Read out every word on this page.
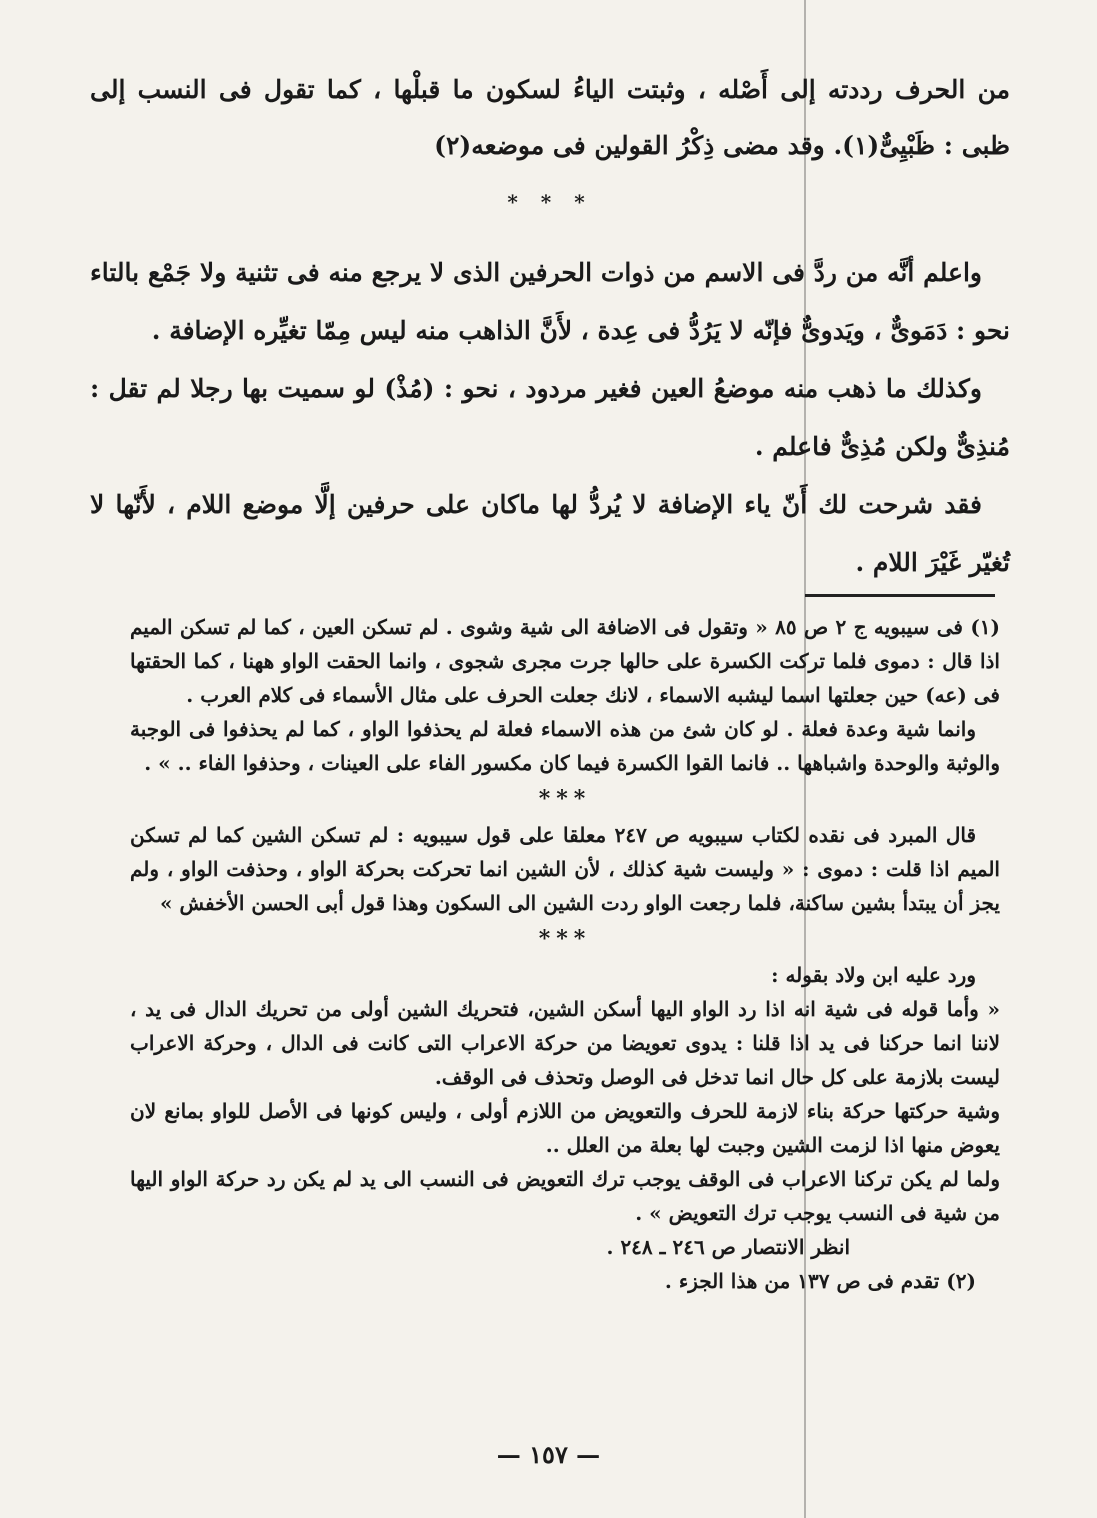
من الحرف رددته إلى أَصْله ، وثبتت الياءُ لسكون ما قبلْها ، كما تقول فى النسب إلى ظبى : ظَبْيِىٌّ(١). وقد مضى ذِكْرُ القولين فى موضعه(٢)

* * *

واعلم أنَّه من ردَّ فى الاسم من ذوات الحرفين الذى لا يرجع منه فى تثنية ولا جَمْع بالتاء نحو : دَمَوىٌّ ، ويَدوىٌّ فإنّه لا يَرُدُّ فى عِدة ، لأَنَّ الذاهب منه ليس مِمّا تغيِّره الإضافة .

وكذلك ما ذهب منه موضعُ العين فغير مردود ، نحو : (مُذْ) لو سميت بها رجلا لم تقل : مُنذِىٌّ ولكن مُذِىٌّ فاعلم .

فقد شرحت لك أَنّ ياء الإضافة لا يُردُّ لها ماكان على حرفين إلَّا موضع اللام ، لأَنّها لا تُغيّر غَيْرَ اللام .

(١) فى سيبويه ج ٢ ص ٨٥ « وتقول فى الاضافة الى شية وشوى . لم تسكن العين ، كما لم تسكن الميم اذا قال : دموى فلما تركت الكسرة على حالها جرت مجرى شجوى ، وانما الحقت الواو ههنا ، كما الحقتها فى (عه) حين جعلتها اسما ليشبه الاسماء ، لانك جعلت الحرف على مثال الأسماء فى كلام العرب .

وانما شية وعدة فعلة . لو كان شئ من هذه الاسماء فعلة لم يحذفوا الواو ، كما لم يحذفوا فى الوجبة والوثبة والوحدة واشباهها .. فانما القوا الكسرة فيما كان مكسور الفاء على العينات ، وحذفوا الفاء .. » .

***

قال المبرد فى نقده لكتاب سيبويه ص ٢٤٧ معلقا على قول سيبويه : لم تسكن الشين كما لم تسكن الميم اذا قلت : دموى : « وليست شية كذلك ، لأن الشين انما تحركت بحركة الواو ، وحذفت الواو ، ولم يجز أن يبتدأ بشين ساكنة، فلما رجعت الواو ردت الشين الى السكون وهذا قول أبى الحسن الأخفش »

***

ورد عليه ابن ولاد بقوله :

« وأما قوله فى شية انه اذا رد الواو اليها أسكن الشين، فتحريك الشين أولى من تحريك الدال فى يد ، لاننا انما حركنا فى يد اذا قلنا : يدوى تعويضا من حركة الاعراب التى كانت فى الدال ، وحركة الاعراب ليست بلازمة على كل حال انما تدخل فى الوصل وتحذف فى الوقف.

وشية حركتها حركة بناء لازمة للحرف والتعويض من اللازم أولى ، وليس كونها فى الأصل للواو بمانع لان يعوض منها اذا لزمت الشين وجبت لها بعلة من العلل ..

ولما لم يكن تركنا الاعراب فى الوقف يوجب ترك التعويض فى النسب الى يد لم يكن رد حركة الواو اليها من شية فى النسب يوجب ترك التعويض » .

انظر الانتصار ص ٢٤٦ ـ ٢٤٨ .

(٢) تقدم فى ص ١٣٧ من هذا الجزء .

— ١٥٧ —
